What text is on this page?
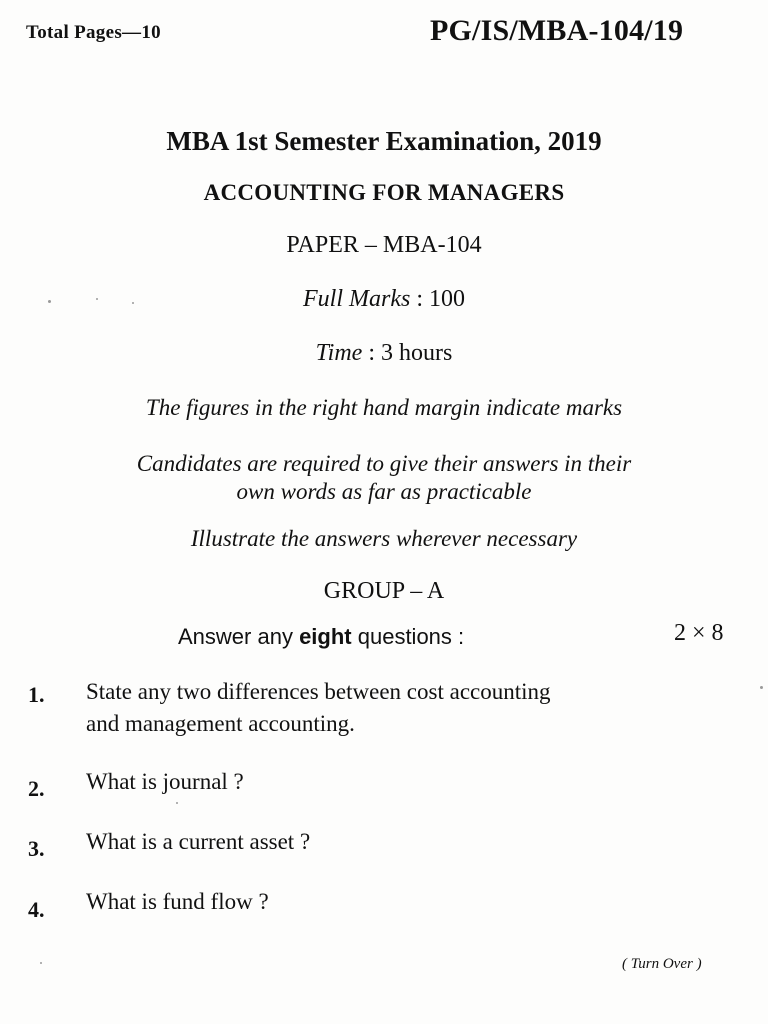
Total Pages—10	PG/IS/MBA-104/19
MBA 1st Semester Examination, 2019
ACCOUNTING FOR MANAGERS
PAPER – MBA-104
Full Marks : 100
Time : 3 hours
The figures in the right hand margin indicate marks
Candidates are required to give their answers in their
own words as far as practicable
Illustrate the answers wherever necessary
GROUP – A
Answer any eight questions :	2 × 8
1. State any two differences between cost accounting
and management accounting.
2. What is journal ?
3. What is a current asset ?
4. What is fund flow ?
( Turn Over )
